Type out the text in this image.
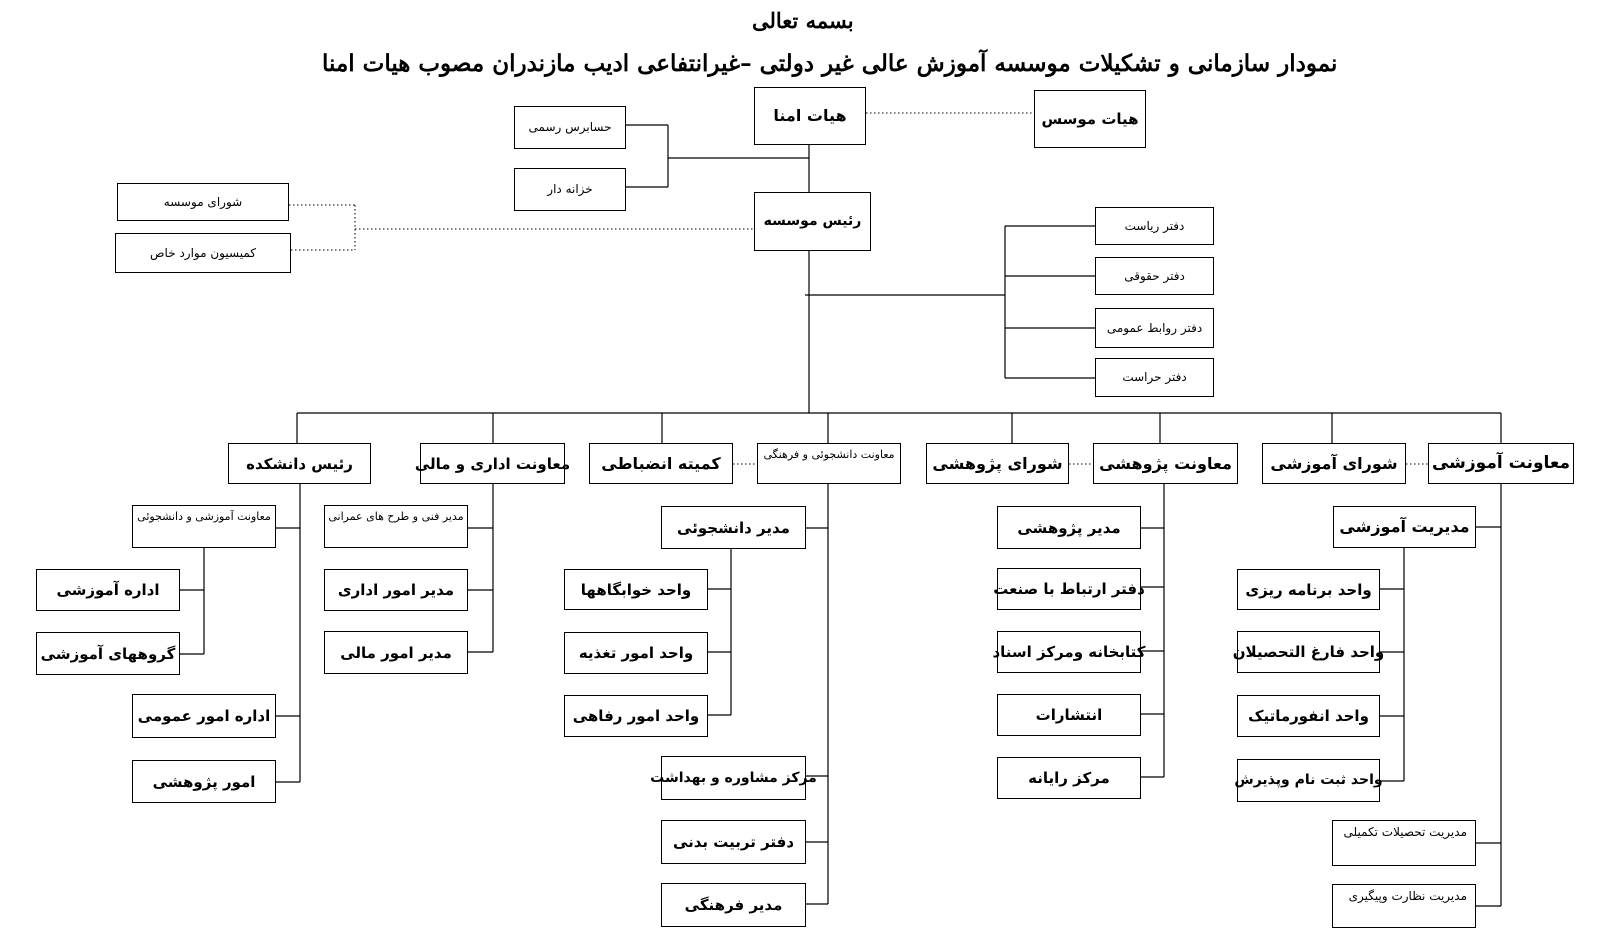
بسمه تعالی
نمودار سازمانی و تشکیلات موسسه آموزش عالی غیر دولتی –غیرانتفاعی ادیب مازندران مصوب هیات امنا
هیات امنا	هیات موسس
حسابرس رسمی
خزانه دار
رئیس موسسه
شورای موسسه
کمیسیون موارد خاص
دفتر ریاست
دفتر حقوقی
دفتر روابط عمومی
دفتر حراست
معاونت آموزشی
شورای آموزشی
معاونت پژوهشی
شورای پژوهشی
معاونت دانشجوئی و فرهنگی
کمیته انضباطی
معاونت اداری و مالی
رئیس دانشکده
مدیریت آموزشی
واحد برنامه ریزی
واحد فارغ التحصیلان
واحد انفورماتیک
واحد ثبت نام وپذیرش
مدیریت تحصیلات تکمیلی
مدیریت نظارت وپیگیری
مدیر پژوهشی
دفتر ارتباط با صنعت
کتابخانه ومرکز اسناد
انتشارات
مرکز رایانه
مدیر دانشجوئی
واحد خوابگاهها
واحد امور تغذیه
واحد امور رفاهی
مرکز مشاوره و بهداشت
دفتر تربیت بدنی
مدیر فرهنگی
مدیر فنی و طرح های عمرانی
مدیر امور اداری
مدیر امور مالی
معاونت آموزشی و دانشجوئی
اداره آموزشی
گروههای آموزشی
اداره امور عمومی
امور پژوهشی
